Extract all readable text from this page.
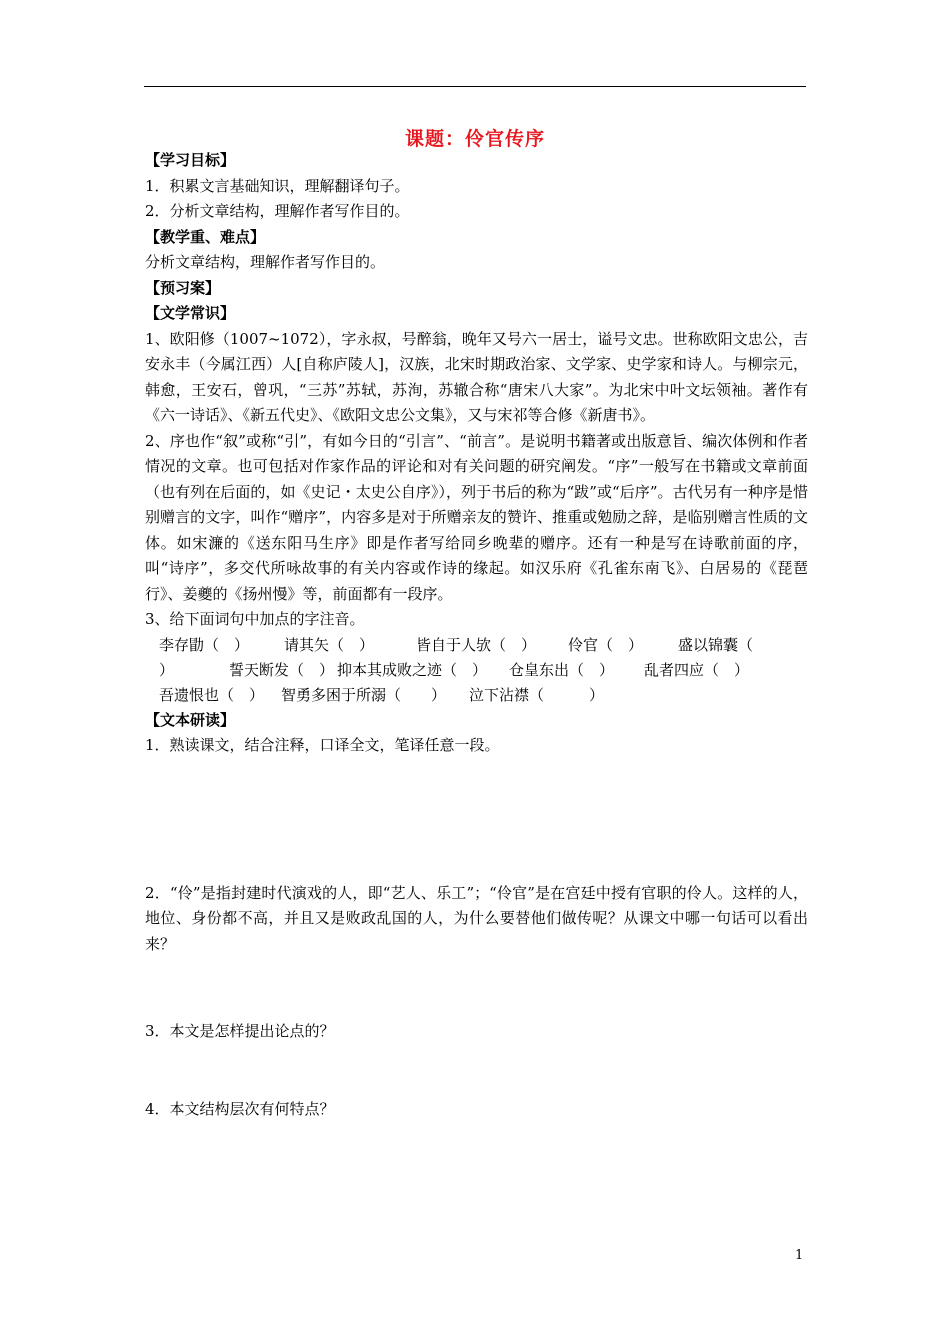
课题：伶官传序

【学习目标】

1．积累文言基础知识，理解翻译句子。

2．分析文章结构，理解作者写作目的。

【教学重、难点】

分析文章结构，理解作者写作目的。

【预习案】

【文学常识】

1、欧阳修（1007~1072），字永叔，号醉翁，晚年又号六一居士，谥号文忠。世称欧阳文忠公，吉安永丰（今属江西）人[自称庐陵人]，汉族，北宋时期政治家、文学家、史学家和诗人。与柳宗元，韩愈，王安石，曾巩，“三苏”苏轼，苏洵，苏辙合称“唐宋八大家”。为北宋中叶文坛领袖。著作有《六一诗话》、《新五代史》、《欧阳文忠公文集》，又与宋祁等合修《新唐书》。

2、序也作“叙”或称“引”，有如今日的“引言”、“前言”。是说明书籍著或出版意旨、编次体例和作者情况的文章。也可包括对作家作品的评论和对有关问题的研究阐发。“序”一般写在书籍或文章前面（也有列在后面的，如《史记・太史公自序》），列于书后的称为“跋”或“后序”。古代另有一种序是惜别赠言的文字，叫作“赠序”，内容多是对于所赠亲友的赞许、推重或勉励之辞，是临别赠言性质的文体。如宋濂的《送东阳马生序》即是作者写给同乡晚辈的赠序。还有一种是写在诗歌前面的序，叫“诗序”，多交代所咏故事的有关内容或作诗的缘起。如汉乐府《孔雀东南飞》、白居易的《琵琶行》、姜夔的《扬州慢》等，前面都有一段序。

3、给下面词句中加点的字注音。

李存勖（　） 请其矢（　）	皆自于人欤（　） 伶官（　） 盛以锦囊（
）	誓天断发（　） 抑本其成败之迹（　） 仓皇东出（　） 乱者四应（　）
吾遗恨也（　） 智勇多困于所溺（　　） 泣下沾襟（　　　）

【文本研读】

1．熟读课文，结合注释，口译全文，笔译任意一段。

2．“伶”是指封建时代演戏的人，即“艺人、乐工”；“伶官”是在宫廷中授有官职的伶人。这样的人，地位、身份都不高，并且又是败政乱国的人，为什么要替他们做传呢？从课文中哪一句话可以看出来？

3．本文是怎样提出论点的？

4．本文结构层次有何特点？

1
